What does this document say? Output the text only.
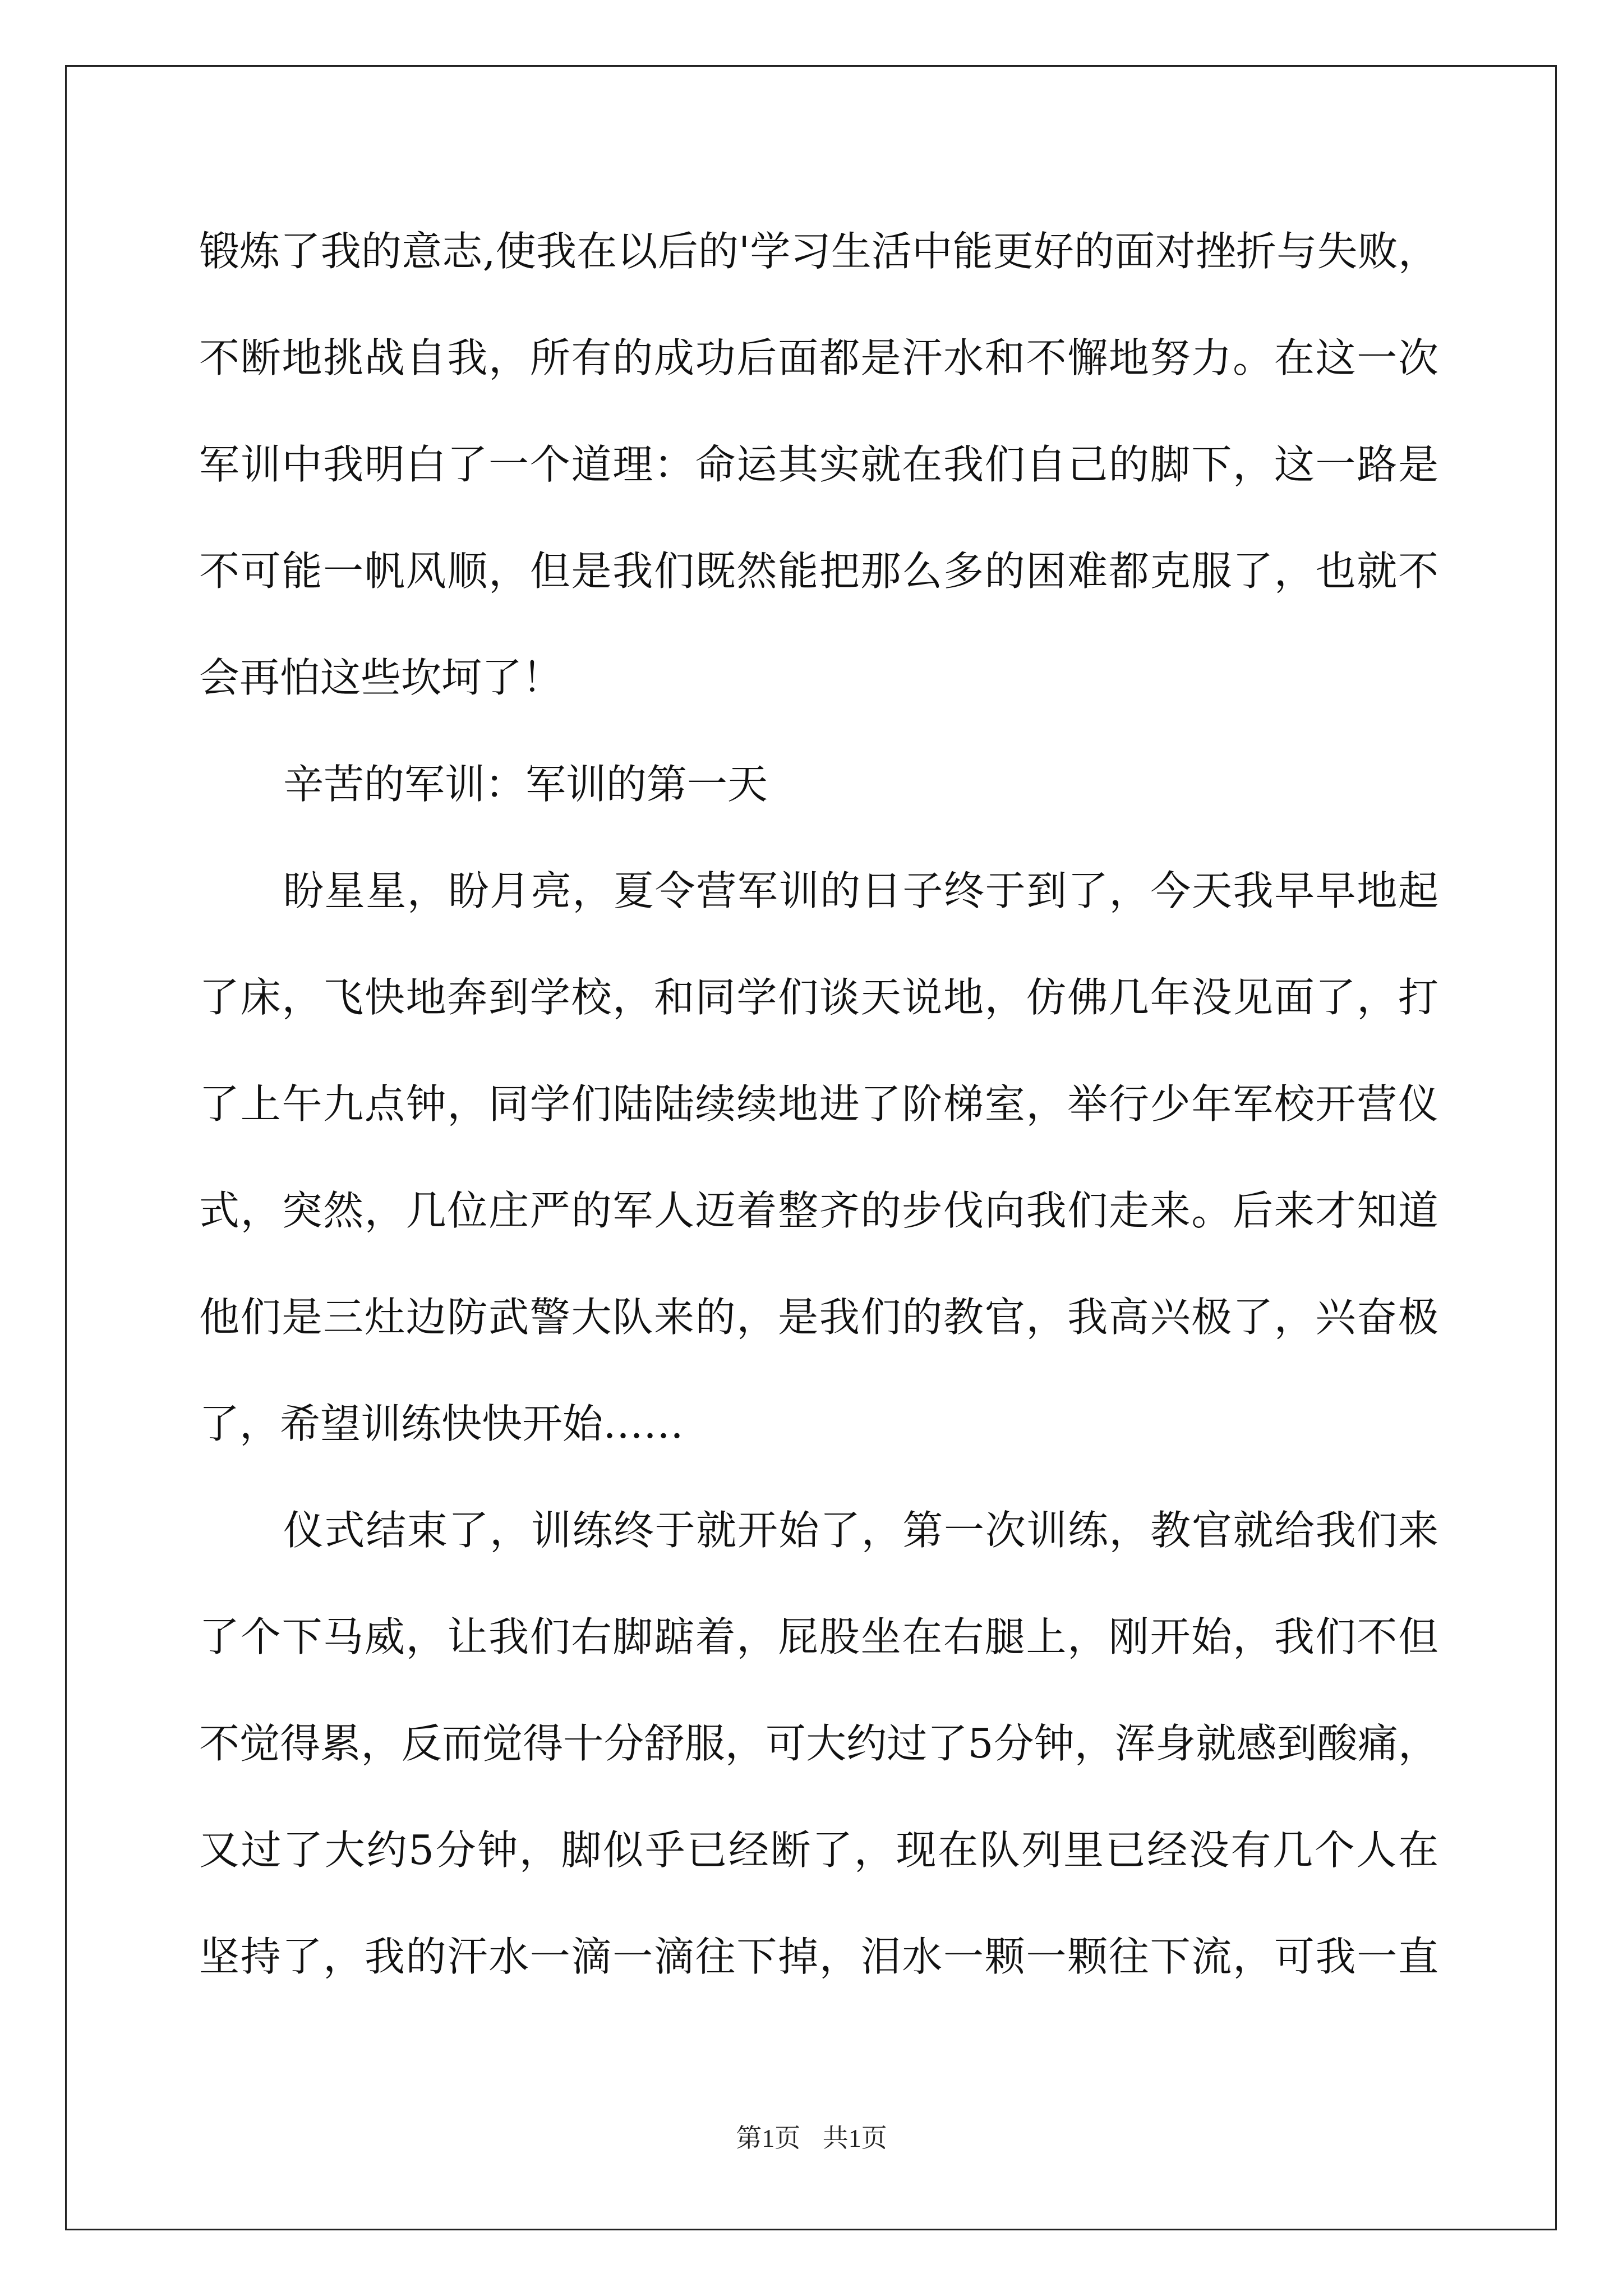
锻炼了我的意志,使我在以后的'学习生活中能更好的面对挫折与失败，
不断地挑战自我，所有的成功后面都是汗水和不懈地努力。在这一次
军训中我明白了一个道理：命运其实就在我们自己的脚下，这一路是
不可能一帆风顺，但是我们既然能把那么多的困难都克服了，也就不
会再怕这些坎坷了！
辛苦的军训：军训的第一天
盼星星，盼月亮，夏令营军训的日子终于到了，今天我早早地起
了床，飞快地奔到学校，和同学们谈天说地，仿佛几年没见面了，打
了上午九点钟，同学们陆陆续续地进了阶梯室，举行少年军校开营仪
式，突然，几位庄严的军人迈着整齐的步伐向我们走来。后来才知道
他们是三灶边防武警大队来的，是我们的教官，我高兴极了，兴奋极
了，希望训练快快开始……
仪式结束了，训练终于就开始了，第一次训练，教官就给我们来
了个下马威，让我们右脚踮着，屁股坐在右腿上，刚开始，我们不但
不觉得累，反而觉得十分舒服，可大约过了5分钟，浑身就感到酸痛，
又过了大约5分钟，脚似乎已经断了，现在队列里已经没有几个人在
坚持了，我的汗水一滴一滴往下掉，泪水一颗一颗往下流，可我一直
第1页 共1页
